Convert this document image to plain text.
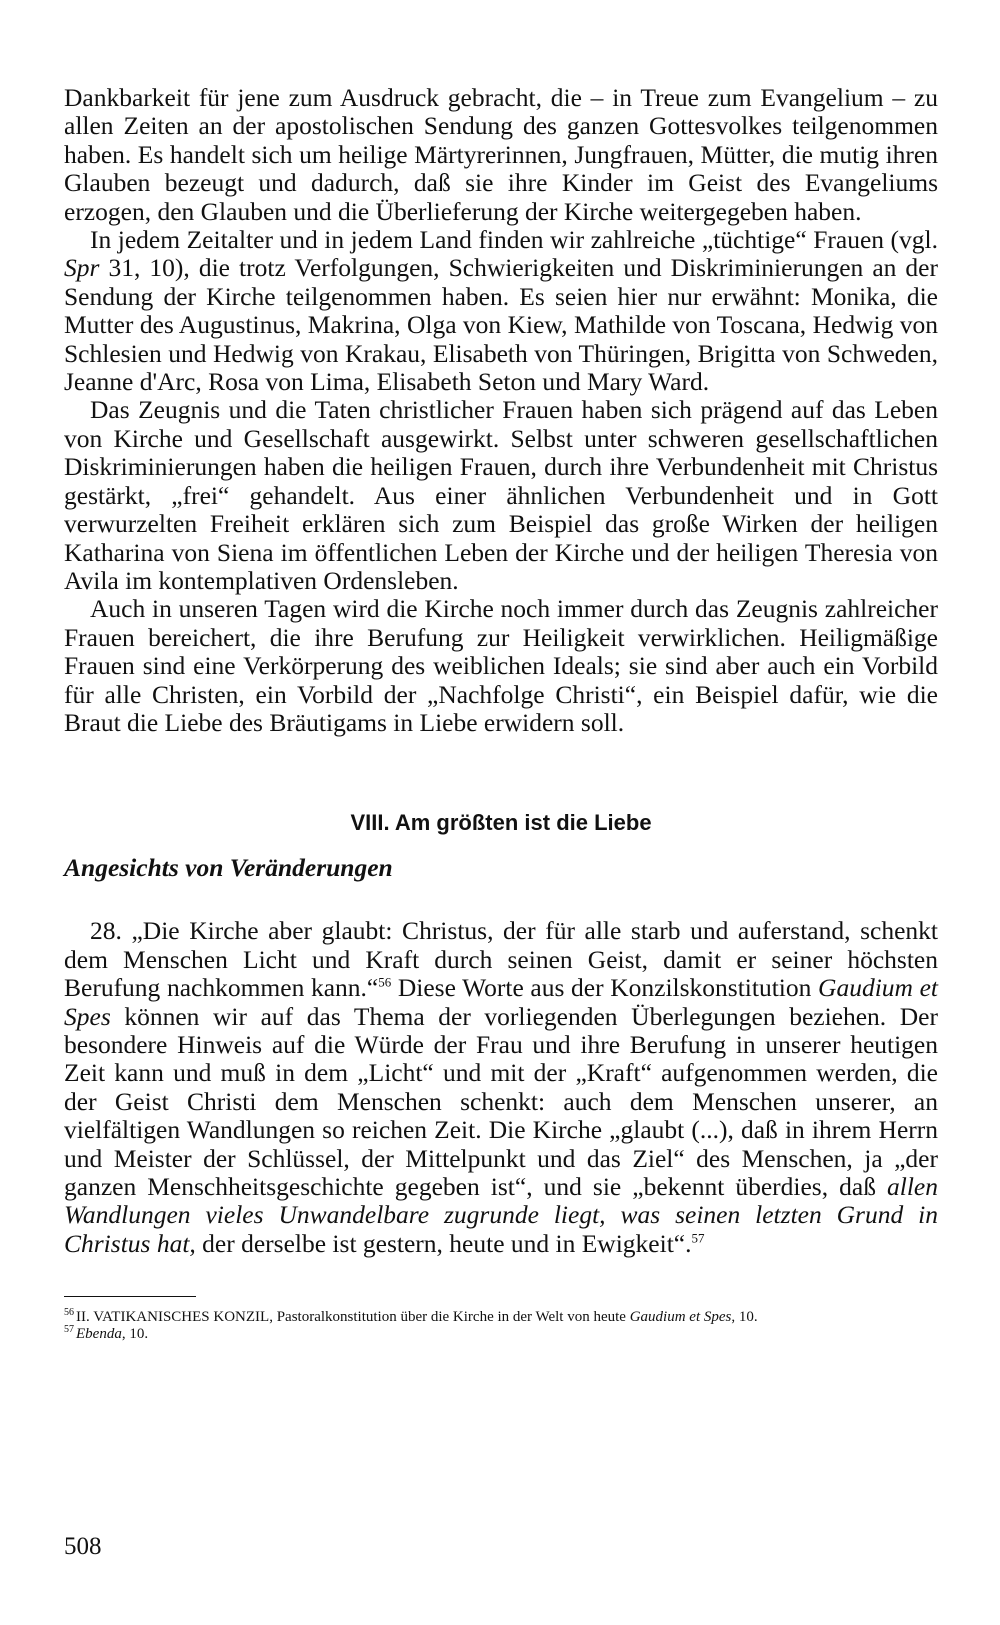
Dankbarkeit für jene zum Ausdruck gebracht, die – in Treue zum Evangelium – zu allen Zeiten an der apostolischen Sendung des ganzen Gottesvolkes teilgenommen haben. Es handelt sich um heilige Märtyrerinnen, Jungfrauen, Mütter, die mutig ihren Glauben bezeugt und dadurch, daß sie ihre Kinder im Geist des Evangeliums erzogen, den Glauben und die Überlieferung der Kirche weitergegeben haben.

In jedem Zeitalter und in jedem Land finden wir zahlreiche „tüchtige“ Frauen (vgl. Spr 31, 10), die trotz Verfolgungen, Schwierigkeiten und Diskriminierungen an der Sendung der Kirche teilgenommen haben. Es seien hier nur erwähnt: Monika, die Mutter des Augustinus, Makrina, Olga von Kiew, Mathilde von Toscana, Hedwig von Schlesien und Hedwig von Krakau, Elisabeth von Thüringen, Brigitta von Schweden, Jeanne d'Arc, Rosa von Lima, Elisabeth Seton und Mary Ward.

Das Zeugnis und die Taten christlicher Frauen haben sich prägend auf das Leben von Kirche und Gesellschaft ausgewirkt. Selbst unter schweren gesellschaftlichen Diskriminierungen haben die heiligen Frauen, durch ihre Verbundenheit mit Christus gestärkt, „frei“ gehandelt. Aus einer ähnlichen Verbundenheit und in Gott verwurzelten Freiheit erklären sich zum Beispiel das große Wirken der heiligen Katharina von Siena im öffentlichen Leben der Kirche und der heiligen Theresia von Avila im kontemplativen Ordensleben.

Auch in unseren Tagen wird die Kirche noch immer durch das Zeugnis zahlreicher Frauen bereichert, die ihre Berufung zur Heiligkeit verwirklichen. Heiligmäßige Frauen sind eine Verkörperung des weiblichen Ideals; sie sind aber auch ein Vorbild für alle Christen, ein Vorbild der „Nachfolge Christi“, ein Beispiel dafür, wie die Braut die Liebe des Bräutigams in Liebe erwidern soll.

VIII. Am größten ist die Liebe
Angesichts von Veränderungen

28. „Die Kirche aber glaubt: Christus, der für alle starb und auferstand, schenkt dem Menschen Licht und Kraft durch seinen Geist, damit er seiner höchsten Berufung nachkommen kann.“$^{56}$ Diese Worte aus der Konzilskonstitution Gaudium et Spes können wir auf das Thema der vorliegenden Überlegungen beziehen. Der besondere Hinweis auf die Würde der Frau und ihre Berufung in unserer heutigen Zeit kann und muß in dem „Licht“ und mit der „Kraft“ aufgenommen werden, die der Geist Christi dem Menschen schenkt: auch dem Menschen unserer, an vielfältigen Wandlungen so reichen Zeit. Die Kirche „glaubt (...), daß in ihrem Herrn und Meister der Schlüssel, der Mittelpunkt und das Ziel“ des Menschen, ja „der ganzen Menschheitsgeschichte gegeben ist“, und sie „bekennt überdies, daß allen Wandlungen vieles Unwandelbare zugrunde liegt, was seinen letzten Grund in Christus hat, der derselbe ist gestern, heute und in Ewigkeit“.$^{57}$

$^{56}$ II. VATIKANISCHES KONZIL, Pastoralkonstitution über die Kirche in der Welt von heute Gaudium et Spes, 10.

$^{57}$ Ebenda, 10.

508
